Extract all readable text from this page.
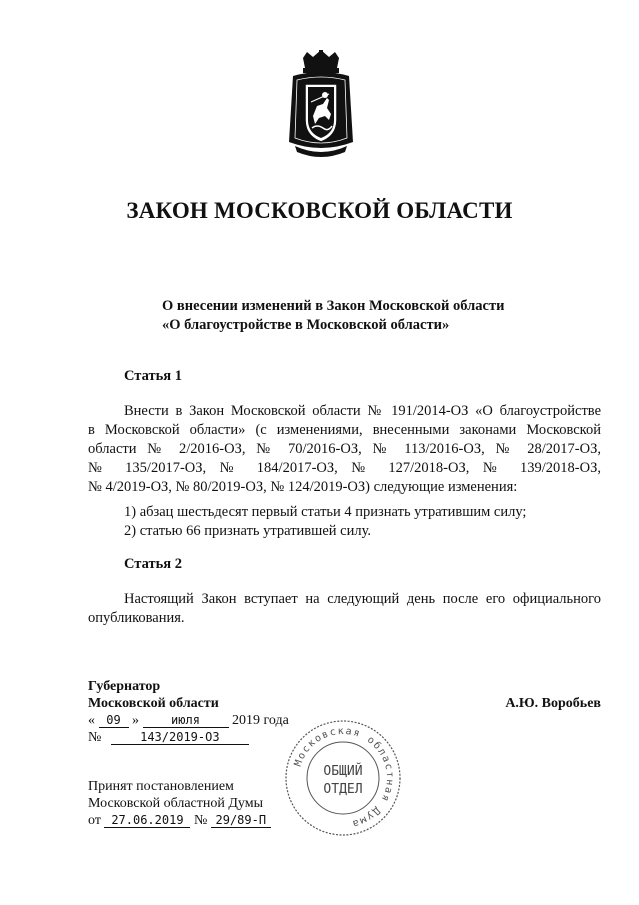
ЗАКОН МОСКОВСКОЙ ОБЛАСТИ
О внесении изменений в Закон Московской области
«О благоустройстве в Московской области»
Статья 1
Внести в Закон Московской области № 191/2014-ОЗ «О благоустройстве
в Московской области» (с изменениями, внесенными законами Московской
области № 2/2016-ОЗ, № 70/2016-ОЗ, № 113/2016-ОЗ, № 28/2017-ОЗ,
№ 135/2017-ОЗ, № 184/2017-ОЗ, № 127/2018-ОЗ, № 139/2018-ОЗ,
№ 4/2019-ОЗ, № 80/2019-ОЗ, № 124/2019-ОЗ) следующие изменения:
1) абзац шестьдесят первый статьи 4 признать утратившим силу;
2) статью 66 признать утратившей силу.
Статья 2
Настоящий Закон вступает на следующий день после его официального
опубликования.
Губернатор
Московской области
« 09 »	июля 2019 года
№	143/2019-ОЗ
А.Ю. Воробьев
Принят постановлением
Московской областной Думы
от 27.06.2019 № 29/89-П
Московская областная Дума
ОБЩИЙ
ОТДЕЛ
